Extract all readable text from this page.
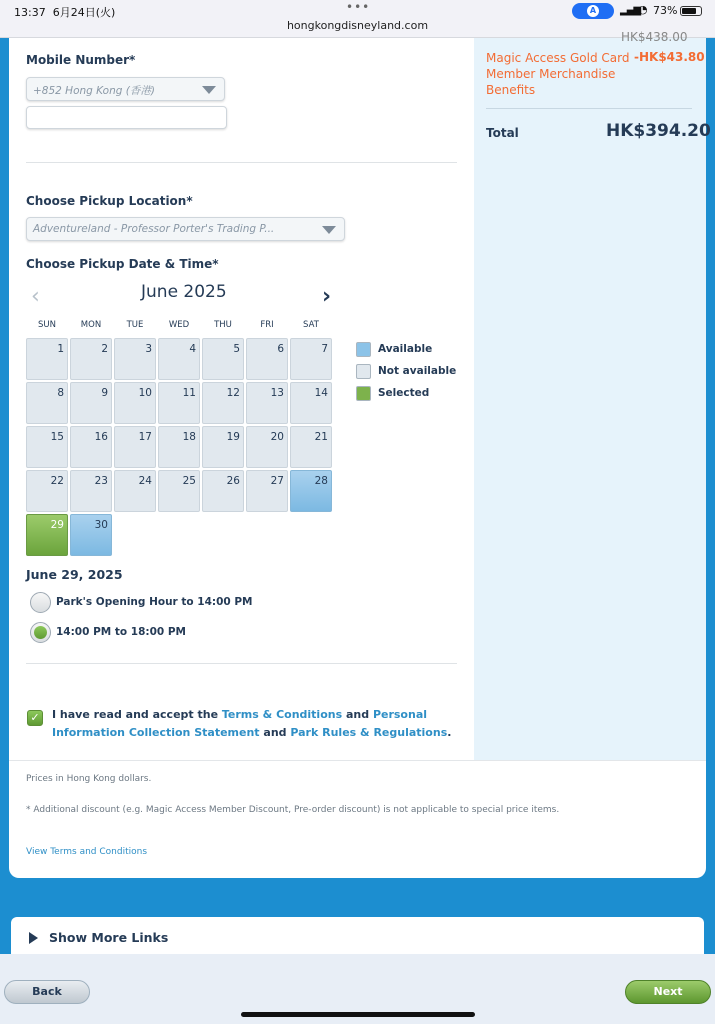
13:37 6月24日(火)	•••
hongkongdisneyland.com
A ▂▄▆
◔ 73%
HK$438.00
Magic Access Gold Card Member Merchandise Benefits
-HK$43.80
Total	HK$394.20
Mobile Number*
+852 Hong Kong (香港)
Choose Pickup Location*
Adventureland - Professor Porter's Trading P...
Choose Pickup Date & Time*
‹	June 2025	›
SUN	MON	TUE	WED	THU	FRI	SAT
1	2	3	4	5	6	7
8	9	10	11	12	13	14
15	16	17	18	19	20	21
22	23	24	25	26	27	28
29	30
Available
Not available
Selected
June 29, 2025
Park's Opening Hour to 14:00 PM
14:00 PM to 18:00 PM
✓	I have read and accept the Terms & Conditions and Personal Information Collection Statement and Park Rules & Regulations.
Prices in Hong Kong dollars.
* Additional discount (e.g. Magic Access Member Discount, Pre-order discount) is not applicable to special price items.
View Terms and Conditions
Show More Links
Back	Next
